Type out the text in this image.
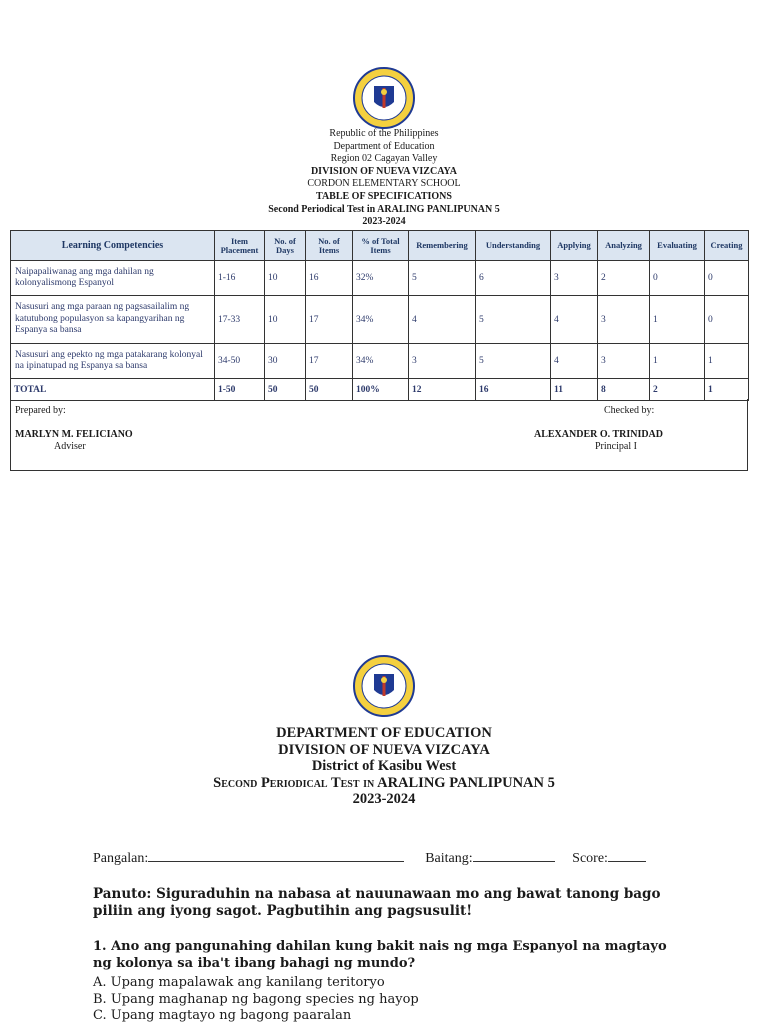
Republic of the Philippines
Department of Education
Region 02 Cagayan Valley
DIVISION OF NUEVA VIZCAYA
CORDON ELEMENTARY SCHOOL
TABLE OF SPECIFICATIONS
Second Periodical Test in ARALING PANLIPUNAN 5
2023-2024
Learning Competencies	Item Placement	No. of Days	No. of Items	% of Total Items	Remembering	Understanding	Applying	Analyzing	Evaluating	Creating
Naipapaliwanag ang mga dahilan ng kolonyalismong Espanyol	1-16	10	16	32%	5	6	3	2	0	0
Nasusuri ang mga paraan ng pagsasailalim ng katutubong populasyon sa kapangyarihan ng Espanya sa bansa	17-33	10	17	34%	4	5	4	3	1	0
Nasusuri ang epekto ng mga patakarang kolonyal na ipinatupad ng Espanya sa bansa	34-50	30	17	34%	3	5	4	3	1	1
TOTAL	1-50	50	50	100%	12	16	11	8	2	1
Prepared by:	Checked by:
MARLYN M. FELICIANO
Adviser
ALEXANDER O. TRINIDAD
Principal I
DEPARTMENT OF EDUCATION
DIVISION OF NUEVA VIZCAYA
District of Kasibu West
Second Periodical Test in ARALING PANLIPUNAN 5
2023-2024
Pangalan:	Baitang:	Score:
Panuto: Siguraduhin na nabasa at nauunawaan mo ang bawat tanong bago piliin ang iyong sagot. Pagbutihin ang pagsusulit!
1. Ano ang pangunahing dahilan kung bakit nais ng mga Espanyol na magtayo ng kolonya sa iba't ibang bahagi ng mundo?
A. Upang mapalawak ang kanilang teritoryo
B. Upang maghanap ng bagong species ng hayop
C. Upang magtayo ng bagong paaralan
